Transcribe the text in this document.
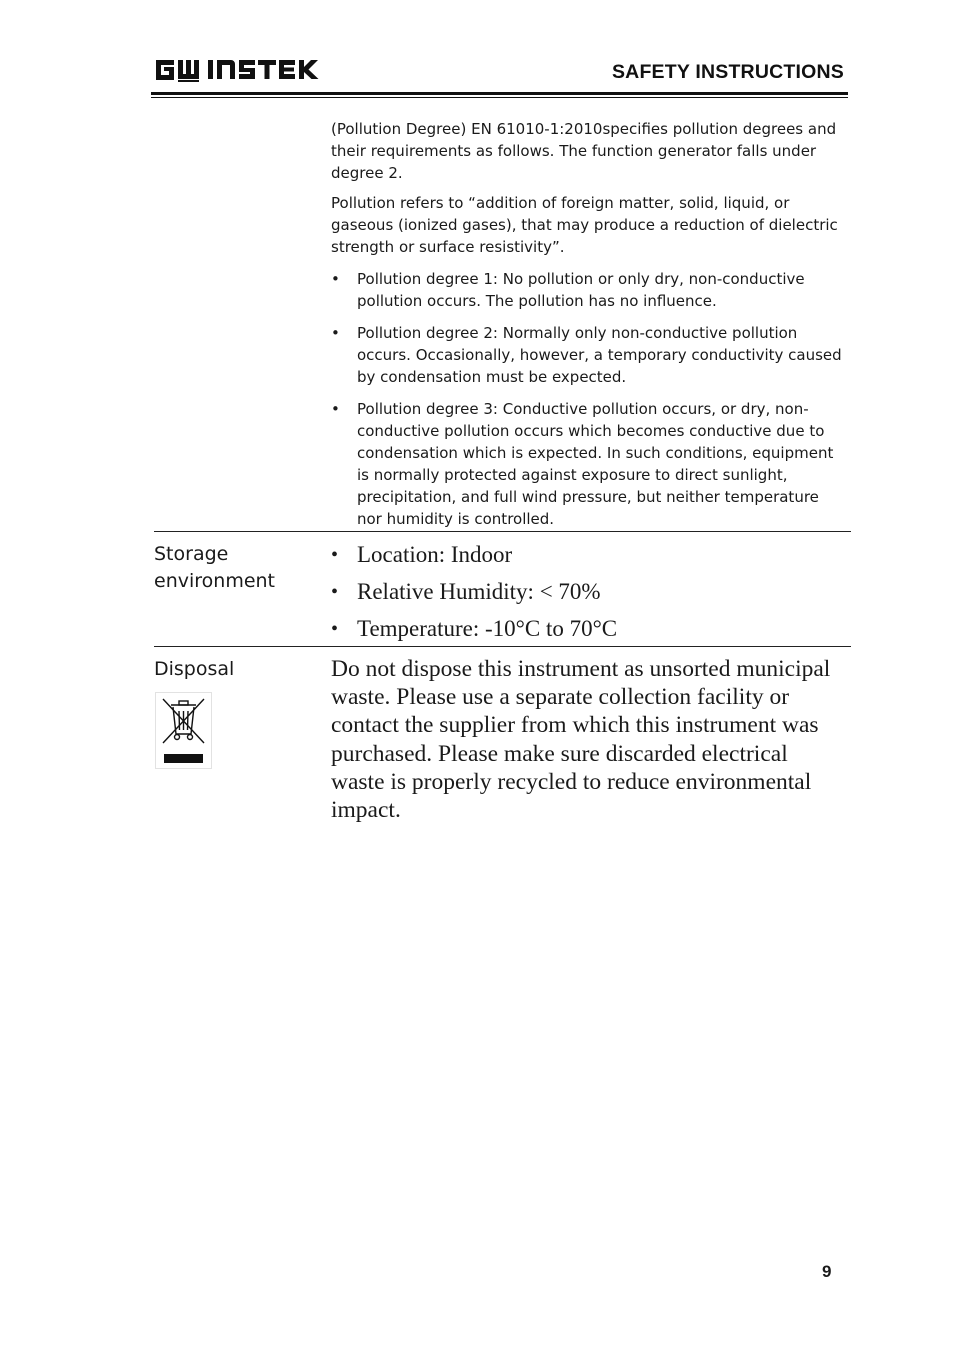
SAFETY INSTRUCTIONS

(Pollution Degree) EN 61010-1:2010specifies pollution degrees and their requirements as follows. The function generator falls under degree 2.

Pollution refers to “addition of foreign matter, solid, liquid, or gaseous (ionized gases), that may produce a reduction of dielectric strength or surface resistivity”.

• Pollution degree 1: No pollution or only dry, non-conductive pollution occurs. The pollution has no influence.
• Pollution degree 2: Normally only non-conductive pollution occurs. Occasionally, however, a temporary conductivity caused by condensation must be expected.
• Pollution degree 3: Conductive pollution occurs, or dry, non-conductive pollution occurs which becomes conductive due to condensation which is expected. In such conditions, equipment is normally protected against exposure to direct sunlight, precipitation, and full wind pressure, but neither temperature nor humidity is controlled.
Storage environment
• Location: Indoor
• Relative Humidity: < 70%
• Temperature: -10°C to 70°C
Disposal	Do not dispose this instrument as unsorted municipal waste. Please use a separate collection facility or contact the supplier from which this instrument was purchased. Please make sure discarded electrical waste is properly recycled to reduce environmental impact.

9
